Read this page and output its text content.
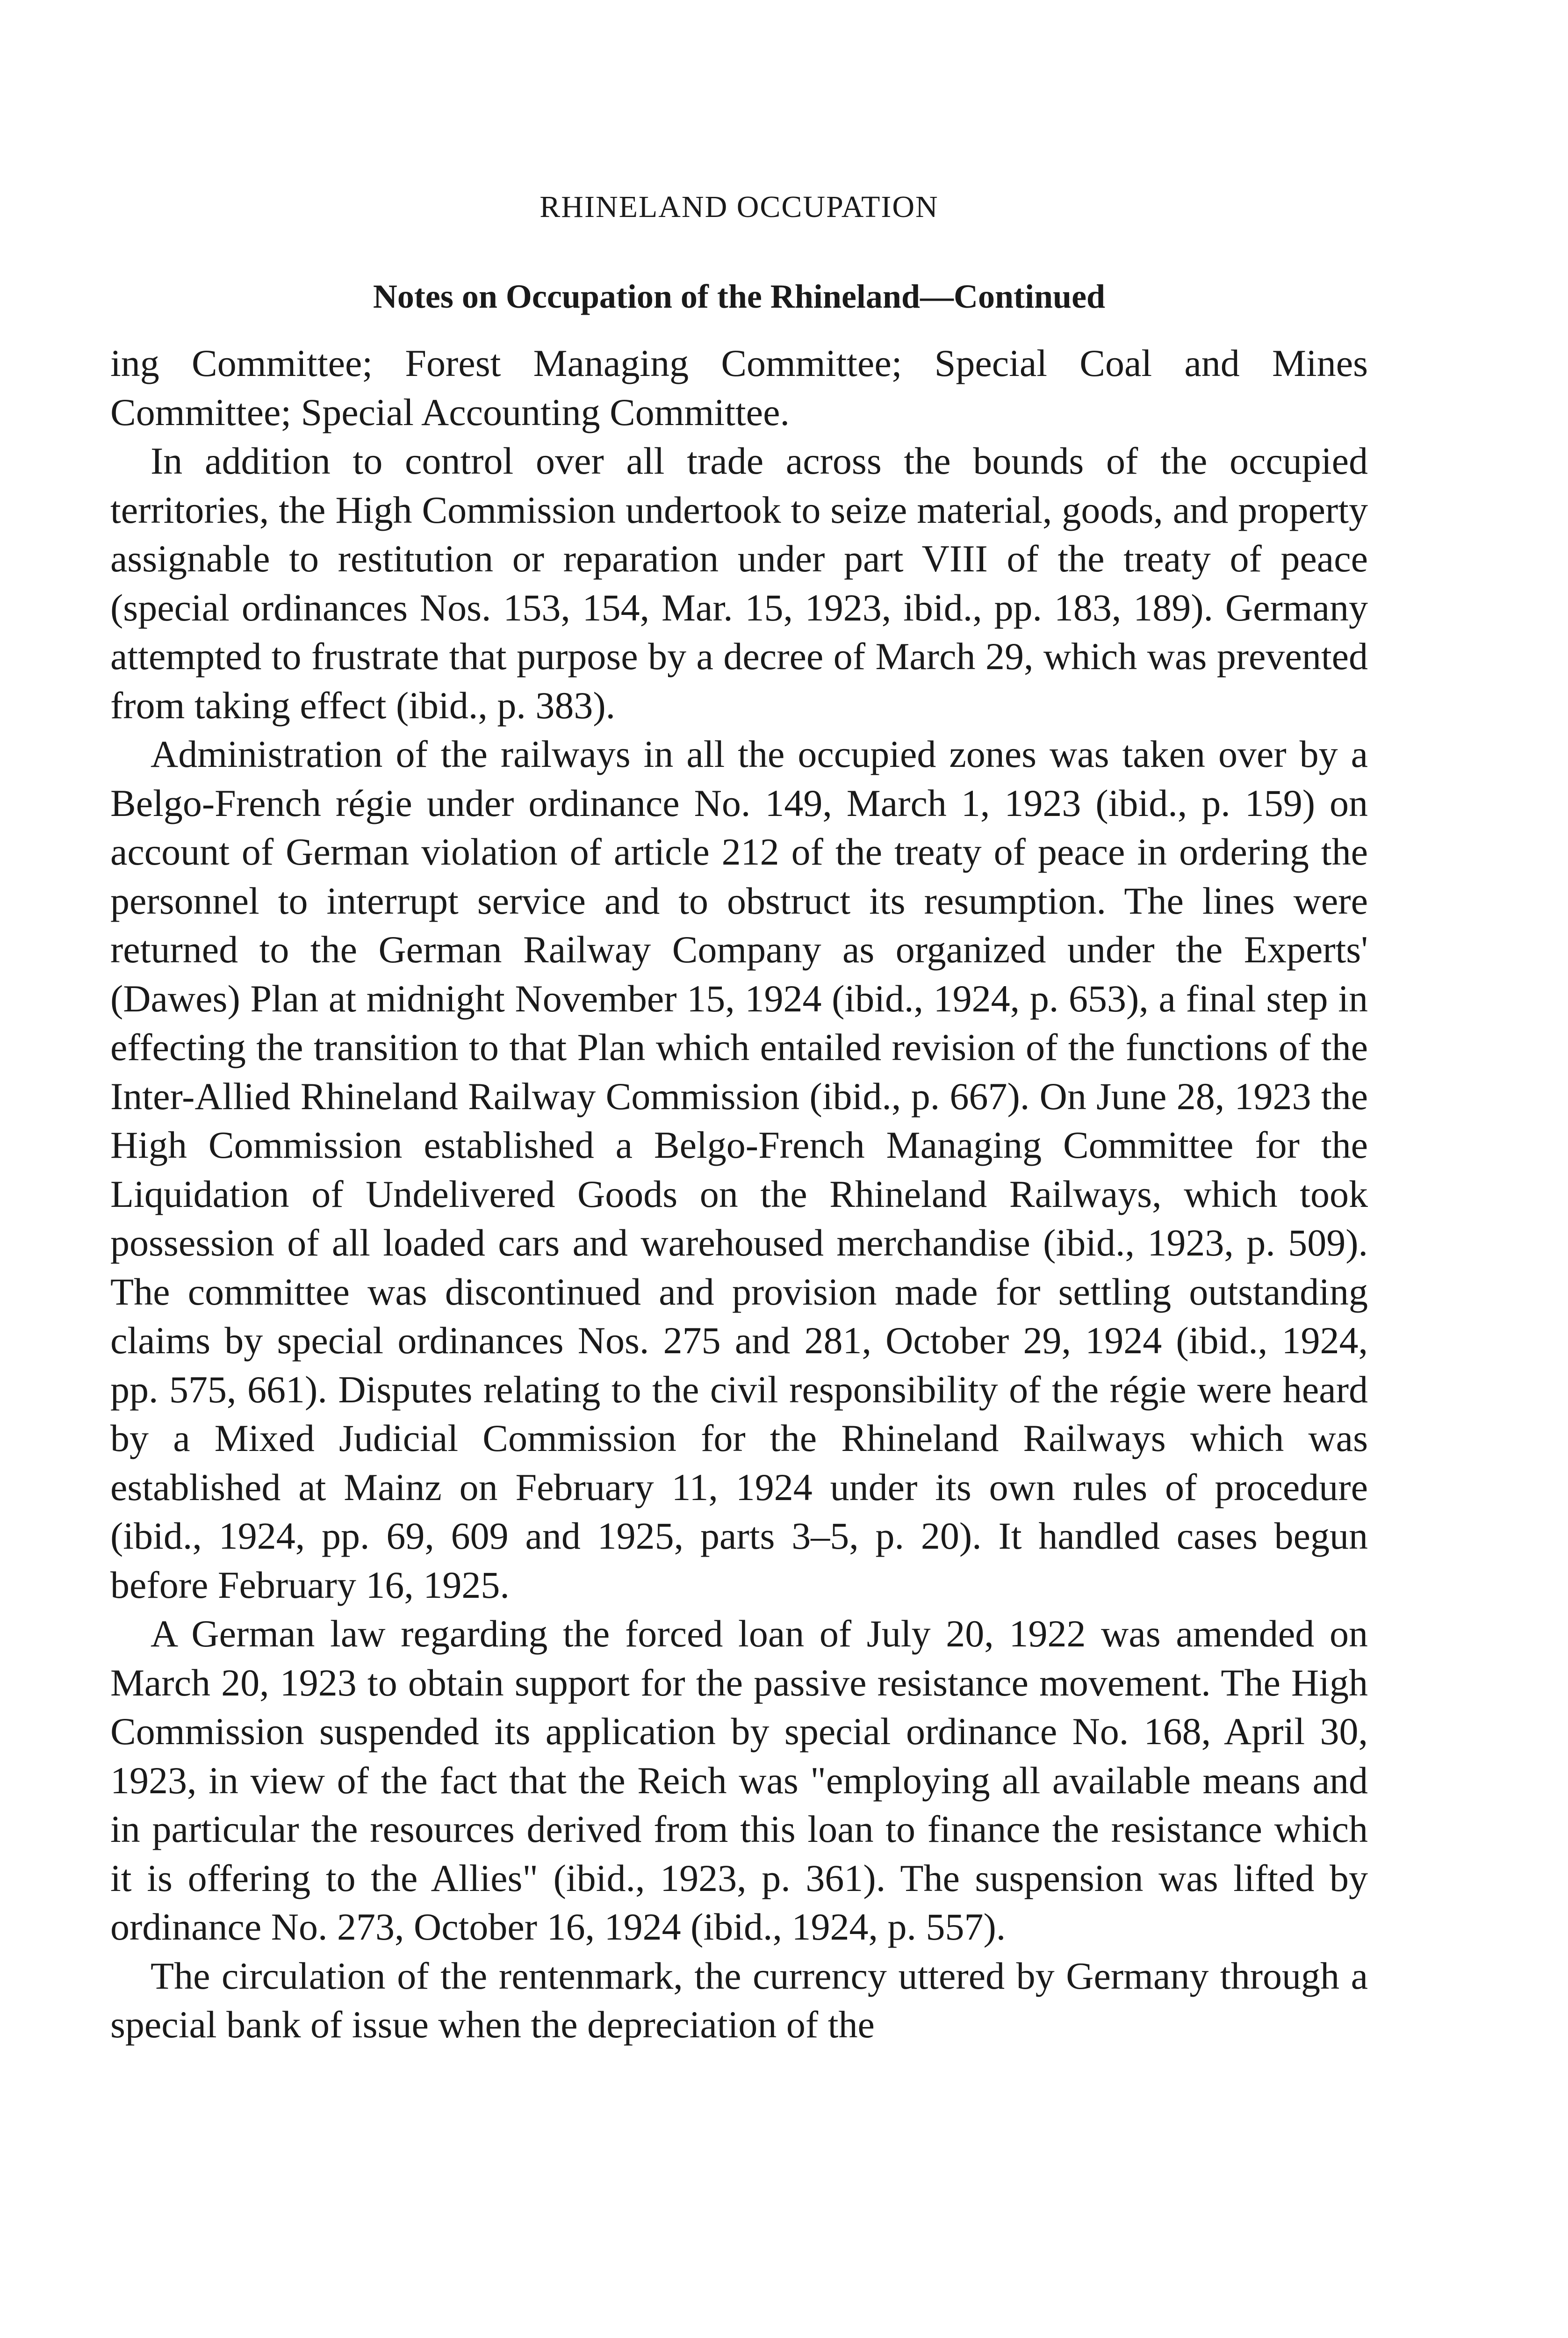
RHINELAND OCCUPATION
Notes on Occupation of the Rhineland—Continued

ing Committee; Forest Managing Committee; Special Coal and Mines Committee; Special Accounting Committee.

In addition to control over all trade across the bounds of the occupied territories, the High Commission undertook to seize material, goods, and property assignable to restitution or reparation under part VIII of the treaty of peace (special ordinances Nos. 153, 154, Mar. 15, 1923, ibid., pp. 183, 189). Germany attempted to frustrate that purpose by a decree of March 29, which was prevented from taking effect (ibid., p. 383).

Administration of the railways in all the occupied zones was taken over by a Belgo-French régie under ordinance No. 149, March 1, 1923 (ibid., p. 159) on account of German violation of article 212 of the treaty of peace in ordering the personnel to interrupt service and to obstruct its resumption. The lines were returned to the German Railway Company as organized under the Experts' (Dawes) Plan at midnight November 15, 1924 (ibid., 1924, p. 653), a final step in effecting the transition to that Plan which entailed revision of the functions of the Inter-Allied Rhineland Railway Commission (ibid., p. 667). On June 28, 1923 the High Commission established a Belgo-French Managing Committee for the Liquidation of Undelivered Goods on the Rhineland Railways, which took possession of all loaded cars and warehoused merchandise (ibid., 1923, p. 509). The committee was discontinued and provision made for settling outstanding claims by special ordinances Nos. 275 and 281, October 29, 1924 (ibid., 1924, pp. 575, 661). Disputes relating to the civil responsibility of the régie were heard by a Mixed Judicial Commission for the Rhineland Railways which was established at Mainz on February 11, 1924 under its own rules of procedure (ibid., 1924, pp. 69, 609 and 1925, parts 3–5, p. 20). It handled cases begun before February 16, 1925.

A German law regarding the forced loan of July 20, 1922 was amended on March 20, 1923 to obtain support for the passive resistance movement. The High Commission suspended its application by special ordinance No. 168, April 30, 1923, in view of the fact that the Reich was "employing all available means and in particular the resources derived from this loan to finance the resistance which it is offering to the Allies" (ibid., 1923, p. 361). The suspension was lifted by ordinance No. 273, October 16, 1924 (ibid., 1924, p. 557).

The circulation of the rentenmark, the currency uttered by Germany through a special bank of issue when the depreciation of the
